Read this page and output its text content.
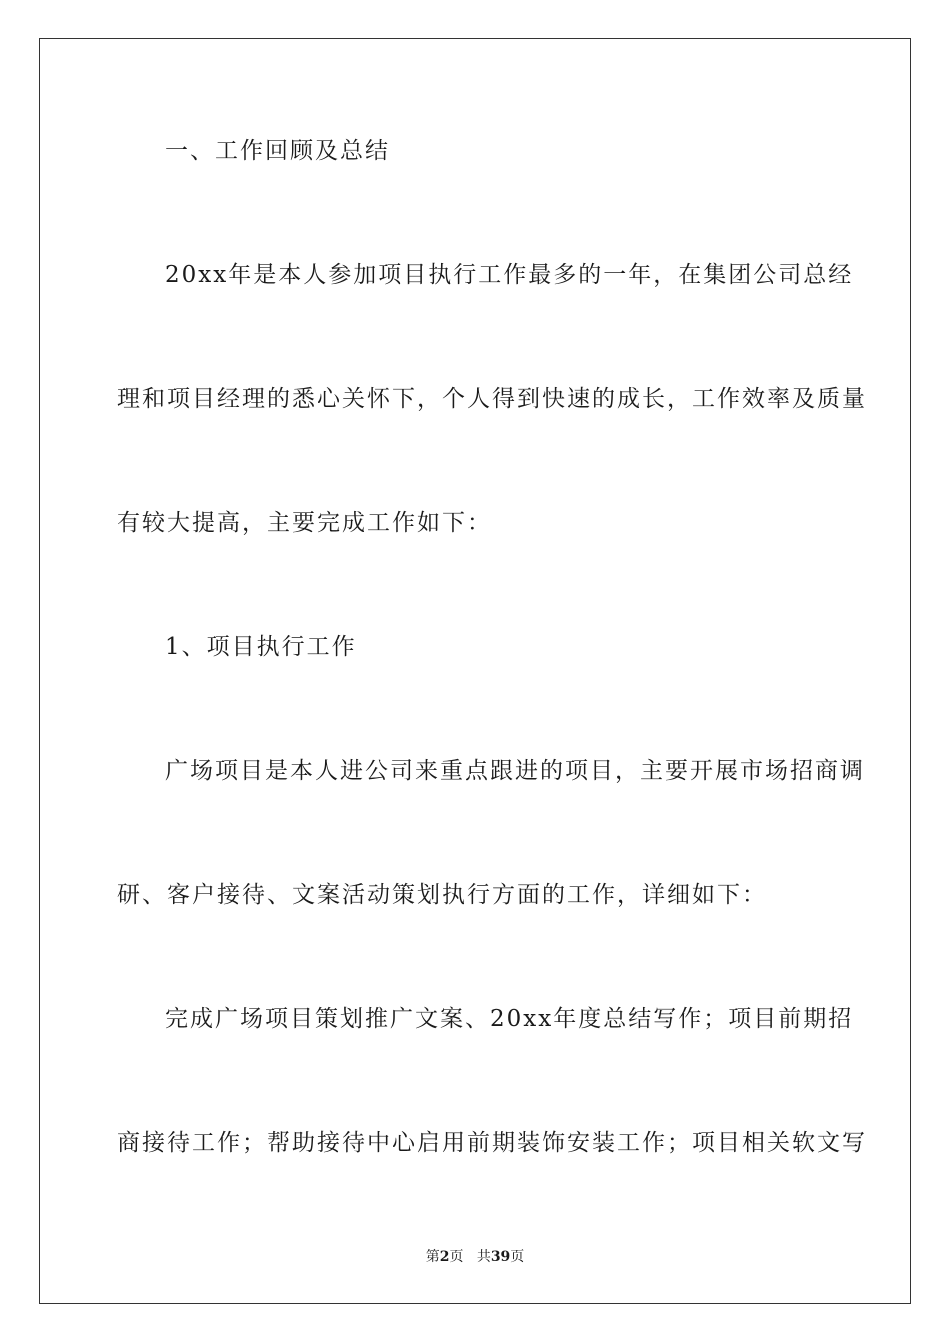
一、工作回顾及总结
20xx年是本人参加项目执行工作最多的一年，在集团公司总经
理和项目经理的悉心关怀下，个人得到快速的成长，工作效率及质量
有较大提高，主要完成工作如下：
1、项目执行工作
广场项目是本人进公司来重点跟进的项目，主要开展市场招商调
研、客户接待、文案活动策划执行方面的工作，详细如下：
完成广场项目策划推广文案、20xx年度总结写作；项目前期招
商接待工作；帮助接待中心启用前期装饰安装工作；项目相关软文写
第2页 共39页
